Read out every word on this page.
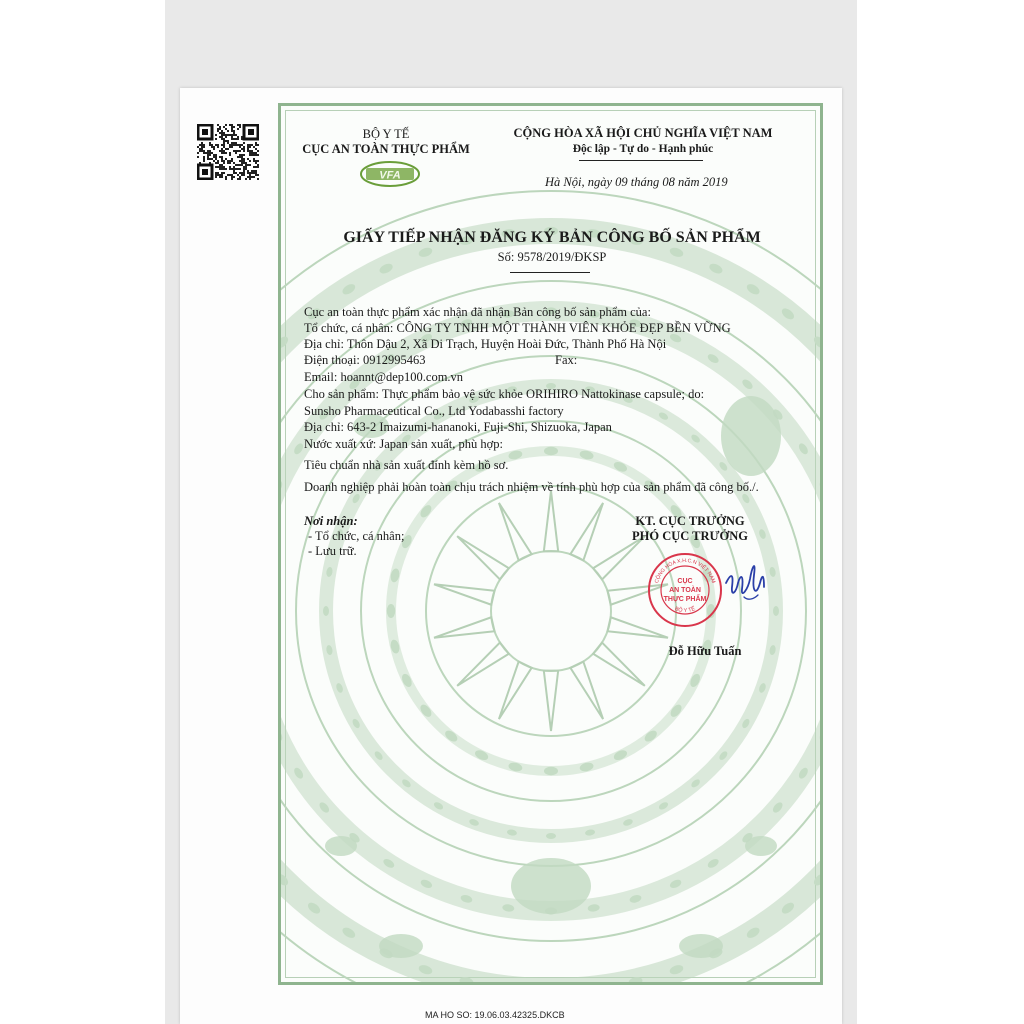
BỘ Y TẾ
CỤC AN TOÀN THỰC PHẨM
VFA
CỘNG HÒA XÃ HỘI CHỦ NGHĨA VIỆT NAM
Độc lập - Tự do - Hạnh phúc
Hà Nội, ngày 09 tháng 08 năm 2019
GIẤY TIẾP NHẬN ĐĂNG KÝ BẢN CÔNG BỐ SẢN PHẨM
Số: 9578/2019/ĐKSP
Cục an toàn thực phẩm xác nhận đã nhận Bản công bố sản phẩm của:
Tổ chức, cá nhân: CÔNG TY TNHH MỘT THÀNH VIÊN KHỎE ĐẸP BỀN VỮNG
Địa chỉ: Thôn Dậu 2, Xã Di Trạch, Huyện Hoài Đức, Thành Phố Hà Nội
Điện thoại: 0912995463	Fax:
Email: hoannt@dep100.com.vn
Cho sản phẩm: Thực phẩm bảo vệ sức khỏe ORIHIRO Nattokinase capsule; do:
Sunsho Pharmaceutical Co., Ltd Yodabasshi factory
Địa chỉ: 643-2 Imaizumi-hananoki, Fuji-Shi, Shizuoka, Japan
Nước xuất xứ: Japan sản xuất, phù hợp:
Tiêu chuẩn nhà sản xuất đính kèm hồ sơ.
Doanh nghiệp phải hoàn toàn chịu trách nhiệm về tính phù hợp của sản phẩm đã công bố./.
Nơi nhận:
- Tổ chức, cá nhân;
- Lưu trữ.
KT. CỤC TRƯỞNG
PHÓ CỤC TRƯỞNG
CỘNG HÒA X.H.C.N VIỆT NAM
BỘ Y TẾ
CỤC
AN TOÀN
THỰC PHẨM
Đỗ Hữu Tuấn
MA HO SO: 19.06.03.42325.DKCB
